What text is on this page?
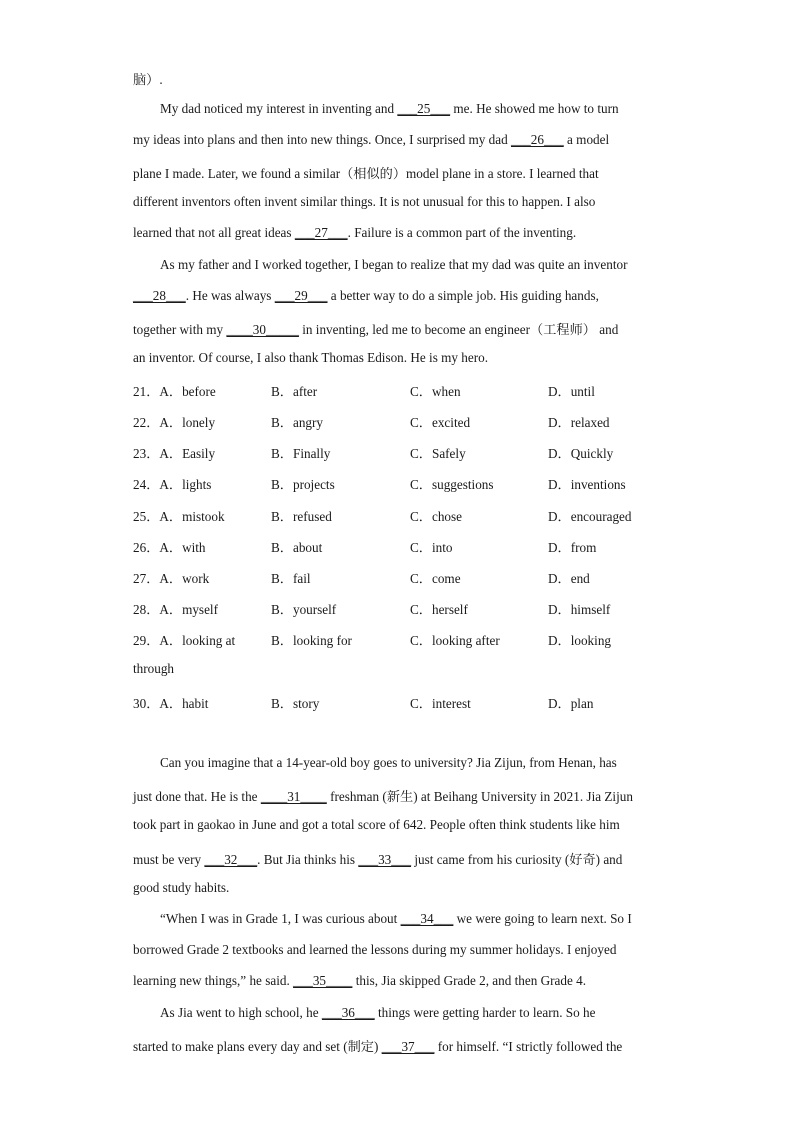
脑）.
My dad noticed my interest in inventing and ___25___ me. He showed me how to turn
my ideas into plans and then into new things. Once, I surprised my dad ___26___ a model
plane I made. Later, we found a similar（相似的）model plane in a store. I learned that
different inventors often invent similar things. It is not unusual for this to happen. I also
learned that not all great ideas ___27___. Failure is a common part of the inventing.
As my father and I worked together, I began to realize that my dad was quite an inventor
___28___. He was always ___29___ a better way to do a simple job. His guiding hands,
together with my ____30_____ in inventing, led me to become an engineer（工程师） and
an inventor. Of course, I also thank Thomas Edison. He is my hero.
21．A．before	B．after	C．when	D．until
22．A．lonely	B．angry	C．excited	D．relaxed
23．A．Easily	B．Finally	C．Safely	D．Quickly
24．A．lights	B．projects	C．suggestions	D．inventions
25．A．mistook	B．refused	C．chose	D．encouraged
26．A．with	B．about	C．into	D．from
27．A．work	B．fail	C．come	D．end
28．A．myself	B．yourself	C．herself	D．himself
29．A．looking at	B．looking for	C．looking after	D．looking
through
30．A．habit	B．story	C．interest	D．plan
Can you imagine that a 14-year-old boy goes to university? Jia Zijun, from Henan, has
just done that. He is the ____31____ freshman (新生) at Beihang University in 2021. Jia Zijun
took part in gaokao in June and got a total score of 642. People often think students like him
must be very ___32___. But Jia thinks his ___33___ just came from his curiosity (好奇) and
good study habits.
“When I was in Grade 1, I was curious about ___34___ we were going to learn next. So I
borrowed Grade 2 textbooks and learned the lessons during my summer holidays. I enjoyed
learning new things,” he said. ___35____ this, Jia skipped Grade 2, and then Grade 4.
As Jia went to high school, he ___36___ things were getting harder to learn. So he
started to make plans every day and set (制定) ___37___ for himself. “I strictly followed the
